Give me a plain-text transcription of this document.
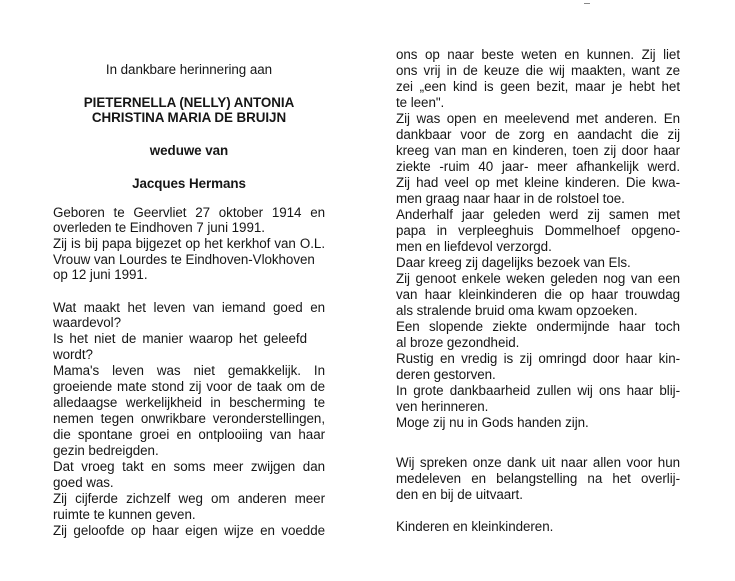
In dankbare herinnering aan
PIETERNELLA (NELLY) ANTONIA
CHRISTINA MARIA DE BRUIJN
weduwe van
Jacques Hermans
Geboren te Geervliet 27 oktober 1914 en
overleden te Eindhoven 7 juni 1991.
Zij is bij papa bijgezet op het kerkhof van O.L.
Vrouw van Lourdes te Eindhoven-Vlokhoven
op 12 juni 1991.
Wat maakt het leven van iemand goed en
waardevol?
Is het niet de manier waarop het geleefd
wordt?
Mama's leven was niet gemakkelijk. In
groeiende mate stond zij voor de taak om de
alledaagse werkelijkheid in bescherming te
nemen tegen onwrikbare veronderstellingen,
die spontane groei en ontplooiing van haar
gezin bedreigden.
Dat vroeg takt en soms meer zwijgen dan
goed was.
Zij cijferde zichzelf weg om anderen meer
ruimte te kunnen geven.
Zij geloofde op haar eigen wijze en voedde
ons op naar beste weten en kunnen. Zij liet
ons vrij in de keuze die wij maakten, want ze
zei „een kind is geen bezit, maar je hebt het
te leen".
Zij was open en meelevend met anderen. En
dankbaar voor de zorg en aandacht die zij
kreeg van man en kinderen, toen zij door haar
ziekte -ruim 40 jaar- meer afhankelijk werd.
Zij had veel op met kleine kinderen. Die kwa-
men graag naar haar in de rolstoel toe.
Anderhalf jaar geleden werd zij samen met
papa in verpleeghuis Dommelhoef opgeno-
men en liefdevol verzorgd.
Daar kreeg zij dagelijks bezoek van Els.
Zij genoot enkele weken geleden nog van een
van haar kleinkinderen die op haar trouwdag
als stralende bruid oma kwam opzoeken.
Een slopende ziekte ondermijnde haar toch
al broze gezondheid.
Rustig en vredig is zij omringd door haar kin-
deren gestorven.
In grote dankbaarheid zullen wij ons haar blij-
ven herinneren.
Moge zij nu in Gods handen zijn.
Wij spreken onze dank uit naar allen voor hun
medeleven en belangstelling na het overlij-
den en bij de uitvaart.
Kinderen en kleinkinderen.
